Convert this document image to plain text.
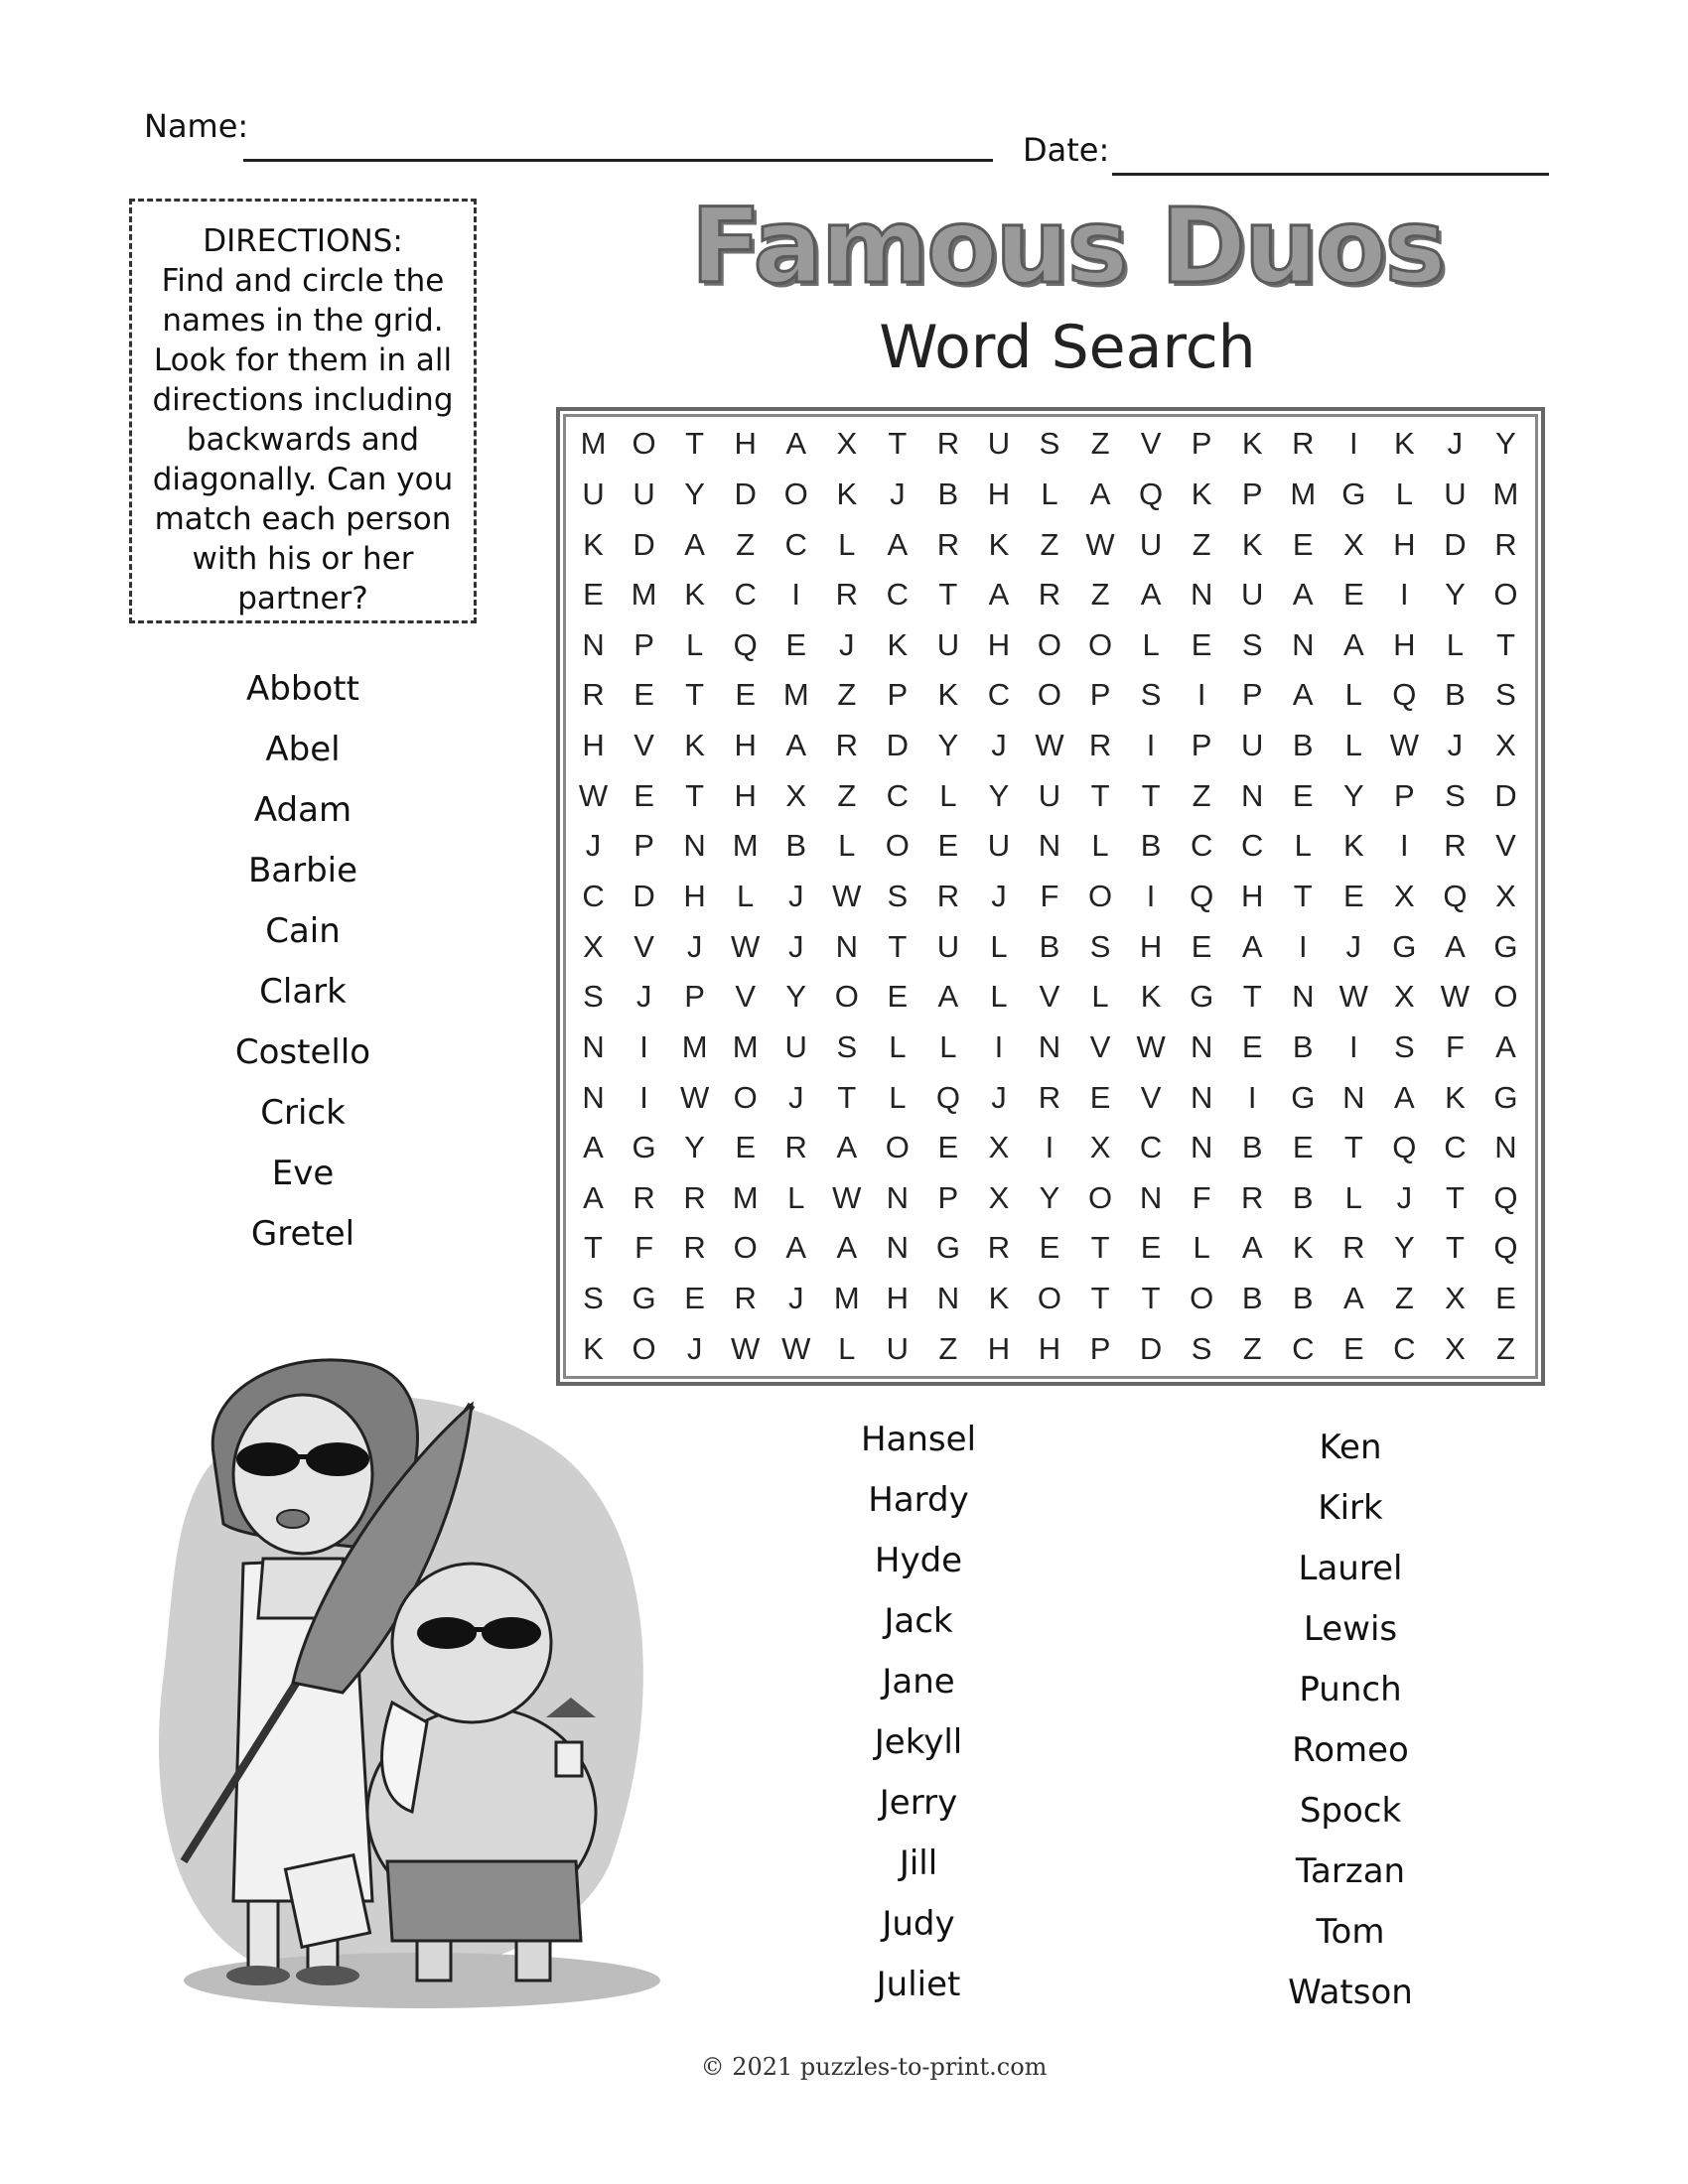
Name:
Date:
DIRECTIONS:
Find and circle the names in the grid. Look for them in all directions including backwards and diagonally. Can you match each person with his or her partner?
Famous Duos
Word Search
M O T H A X	T R U S	Z	V P K R	I	K	J	Y
U U Y D O K	J	B H	L	A Q K P M G L	U M
K D A	Z C	L	A R K	Z W U Z	K E X H D R
E M K C	I	R C T	A R Z	A N U A E	I	Y O
N P	L Q E	J	K U H O O L	E S N A H	L	T
R E	T	E M Z	P K C O P S	I	P A	L Q B S
H V K H A R D Y	J W R	I	P U B	L W J	X
W E	T H X	Z C	L	Y U T	T	Z N E Y P S D
J	P N M B	L O E U N	L	B C C	L	K	I	R V
C D H	L	J W S R	J	F O	I	Q H T	E X Q X
X V	J W J	N T U	L	B S H E A	I	J	G A G
S	J	P V Y O E A	L	V	L	K G T N W X W O
N	I	M M U S	L	L	I	N V W N E B	I	S	F	A
N	I	W O	J	T	L Q	J	R E V N	I	G N A K G
A G Y E R A O E X	I	X C N B E	T Q C N
A R R M L W N P X Y O N F R B	L	J	T Q
T	F R O A A N G R E	T	E	L	A K R Y	T Q
S G E R	J M H N K O T	T O B B A	Z	X E
K O	J W W L	U Z H H P D S	Z C E C X	Z
Abbott
Abel
Adam
Barbie
Cain
Clark
Costello
Crick
Eve
Gretel
Hansel
Hardy
Hyde
Jack
Jane
Jekyll
Jerry
Jill
Judy
Juliet
Ken
Kirk
Laurel
Lewis
Punch
Romeo
Spock
Tarzan
Tom
Watson
© 2021 puzzles-to-print.com
